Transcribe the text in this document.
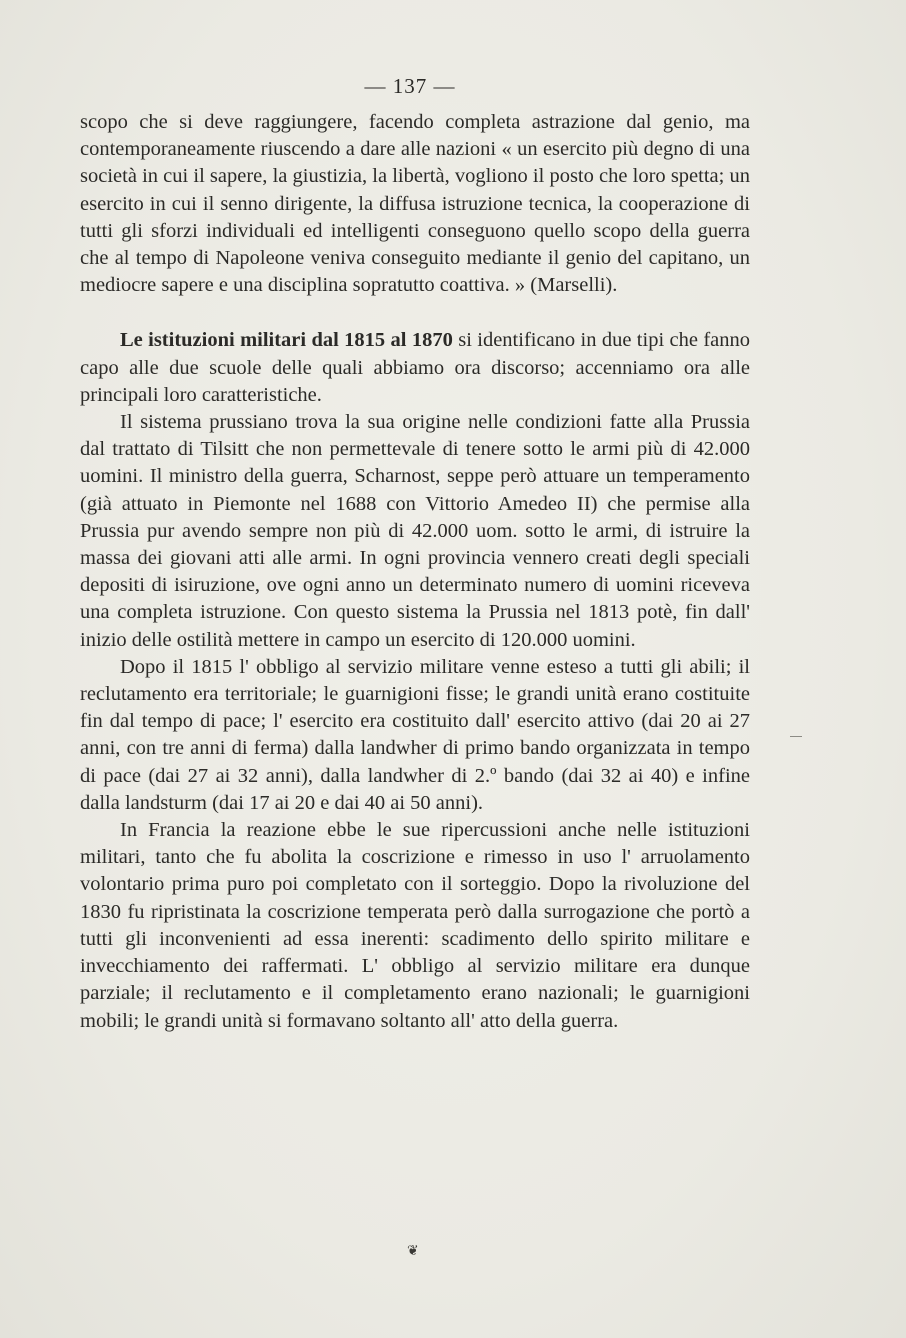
— 137 —

scopo che si deve raggiungere, facendo completa astrazione dal genio, ma contemporaneamente riuscendo a dare alle nazioni « un esercito più degno di una società in cui il sapere, la giustizia, la libertà, vogliono il posto che loro spetta; un esercito in cui il senno dirigente, la diffusa istruzione tecnica, la cooperazione di tutti gli sforzi individuali ed intelligenti conseguono quello scopo della guerra che al tempo di Napoleone veniva conseguito mediante il genio del capitano, un mediocre sapere e una disciplina sopratutto coattiva. » (Marselli).

Le istituzioni militari dal 1815 al 1870 si identificano in due tipi che fanno capo alle due scuole delle quali abbiamo ora discorso; accenniamo ora alle principali loro caratteristiche.

Il sistema prussiano trova la sua origine nelle condizioni fatte alla Prussia dal trattato di Tilsitt che non permettevale di tenere sotto le armi più di 42.000 uomini. Il ministro della guerra, Scharnost, seppe però attuare un temperamento (già attuato in Piemonte nel 1688 con Vittorio Amedeo II) che permise alla Prussia pur avendo sempre non più di 42.000 uom. sotto le armi, di istruire la massa dei giovani atti alle armi. In ogni provincia vennero creati degli speciali depositi di isiruzione, ove ogni anno un determinato numero di uomini riceveva una completa istruzione. Con questo sistema la Prussia nel 1813 potè, fin dall' inizio delle ostilità mettere in campo un esercito di 120.000 uomini.

Dopo il 1815 l' obbligo al servizio militare venne esteso a tutti gli abili; il reclutamento era territoriale; le guarnigioni fisse; le grandi unità erano costituite fin dal tempo di pace; l' esercito era costituito dall' esercito attivo (dai 20 ai 27 anni, con tre anni di ferma) dalla landwher di primo bando organizzata in tempo di pace (dai 27 ai 32 anni), dalla landwher di 2.º bando (dai 32 ai 40) e infine dalla landsturm (dai 17 ai 20 e dai 40 ai 50 anni).

In Francia la reazione ebbe le sue ripercussioni anche nelle istituzioni militari, tanto che fu abolita la coscrizione e rimesso in uso l' arruolamento volontario prima puro poi completato con il sorteggio. Dopo la rivoluzione del 1830 fu ripristinata la coscrizione temperata però dalla surrogazione che portò a tutti gli inconvenienti ad essa inerenti: scadimento dello spirito militare e invecchiamento dei raffermati. L' obbligo al servizio militare era dunque parziale; il reclutamento e il completamento erano nazionali; le guarnigioni mobili; le grandi unità si formavano soltanto all' atto della guerra.

❦
